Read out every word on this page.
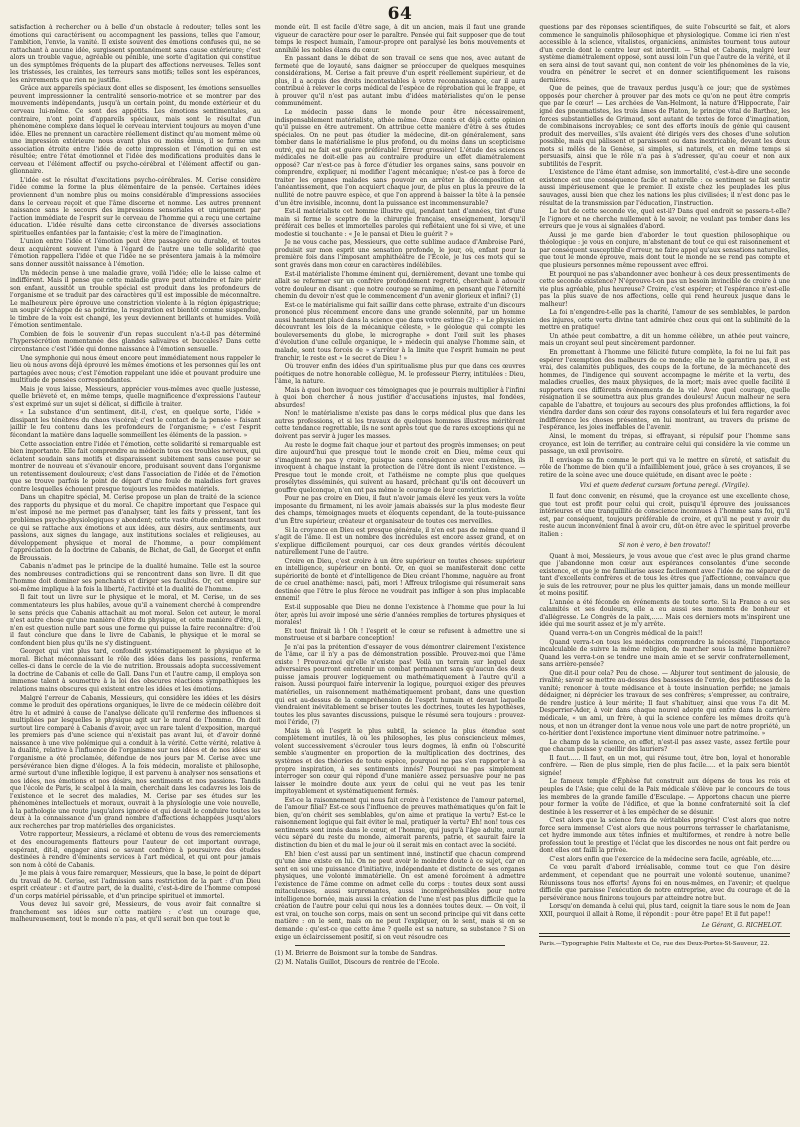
64

satisfaction à rechercher ou à belle d'un obstacle à redouter; telles sont les émotions qui caractérisent ou accompagnent les passions, telles que l'amour, l'ambition, l'envie, la vanité. Il existe souvent des émotions confuses qui, ne se rattachant à aucune idée, surgissent spontanément sans cause extérieure; c'est alors un trouble vague, agréable ou pénible, une sorte d'agitation qui constitue un des symptômes fréquents de la plupart des affections nerveuses. Telles sont les tristesses, les craintes, les terreurs sans motifs; telles sont les espérances, les enivrements que rien ne justifie.

Grâce aux appareils spéciaux dont elles se disposent, les émotions sensuelles peuvent impressionner la centralité sensorio-motrice et se montrer par des mouvements indépendants, jusqu'à un certain point, du monde extérieur et du cerveau lui-même. Ce sont des appétits. Les émotions sentimentales, au contraire, n'ont point d'appareils spéciaux, mais sont le résultat d'un phénomène complexe dans lequel le cerveau intervient toujours au moyen d'une idée. Elles ne prennent un caractère réellement distinct qu'au moment même où une impression extérieure nous avant plus ou moins émus, il se forme une association étroite entre l'idée de cette impression et l'émotion qui en est résultée; entre l'état émotionnel et l'idée des modifications produites dans le cerveau et l'élément affectif ou psycho-cérébral et l'élément affectif ou gan-glionnaire.

L'idée est le résultat d'excitations psycho-cérébrales. M. Cerise considère l'idée comme la forme la plus élémentaire de la pensée. Certaines idées proviennent d'un nombre plus ou moins considérable d'impressions associées dans le cerveau reçoit et que l'âme discerne et nomme. Les autres prennent naissance sans le secours des impressions sensoriales et uniquement par l'action immédiate de l'esprit sur le cerveau de l'homme qui a reçu une certaine éducation. L'idée résulte dans cette circonstance de diverses associations spirituelles enfantées par la fantaisie; c'est la mère de l'imagination.

L'union entre l'idée et l'émotion peut être passagère ou durable, et toutes deux acquièrent souvent l'une à l'égard de l'autre une telle solidarité que l'émotion rappellera l'idée et que l'idée ne se présentera jamais à la mémoire sans donner aussitôt naissance à l'émotion.

Un médecin pense à une maladie grave, voilà l'idée; elle le laisse calme et indifférent. Mais il pense que cette maladie grave peut atteindre et faire périr son enfant, aussitôt un trouble spécial est produit dans les profondeurs de l'organisme et se traduit par des caractères qu'il est impossible de méconnaître. Le malheureux père éprouve une constriction violente à la région épigastrique; un soupir s'échappe de sa poitrine, la respiration est bientôt comme suspendue, le timbre de la voix est changé, les yeux deviennent brillants et humides. Voilà l'émotion sentimentale.

Combien de fois le souvenir d'un repas succulent n'a-t-il pas déterminé l'hypersécrétion momentanée des glandes salivaires et buccales? Dans cette circonstance c'est l'idée qui donne naissance à l'émotion sensuelle.

Une symphonie qui nous émeut encore peut immédiatement nous rappeler le lieu où nous avons déjà éprouvé les mêmes émotions et les personnes qui les ont partagées avec nous; c'est l'émotion rappelant une idée et pouvant produire une multitude de pensées correspondantes.

Mais je vous laisse, Messieurs, apprécier vous-mêmes avec quelle justesse, quelle brièveté et, en même temps, quelle magnificence d'expressions l'auteur s'est exprimé sur un sujet si délicat, si difficile à traiter.

« La substance d'un sentiment, dit-il, c'est, en quelque sorte, l'idée » dissipant les ténèbres du chaos viscéral; c'est le contact de la pensée » faisant jaillir le feu contenu dans les profondeurs de l'organisme; » c'est l'esprit fécondant la matière dans laquelle sommeillent les éléments de la passion. »

Cette association entre l'idée et l'émotion, cette solidarité si remarquable est bien importante. Elle fait comprendre au médecin tous ces troubles nerveux, qui éclatent soudain sans motifs et disparaissent subitement sans cause pour se montrer de nouveau et s'évanouir encore, produisant souvent dans l'organisme un retentissement douloureux; c'est dans l'association de l'idée et de l'émotion que se trouve parfois le point de départ d'une foule de maladies fort graves contre lesquelles échouent presque toujours les remèdes matériels.

Dans un chapitre spécial, M. Cerise propose un plan de traité de la science des rapports du physique et du moral. Ce chapitre important que l'espace qui m'est imposé ne me permet pas d'analyser, tant les faits y pressent, tant les problèmes psycho-physiologiques y abondent; cette vaste étude embrassant tout ce qui se rattache aux émotions et aux idées, aux désirs, aux sentiments, aux passions, aux signes du langage, aux institutions sociales et religieuses, au développement physique et moral de l'homme, a pour complément l'appréciation de la doctrine de Cabanis, de Bichat, de Gall, de Georget et enfin de Broussais.

Cabanis n'admet pas le principe de la dualité humaine. Telle est la source des nombreuses contradictions qui se rencontrent dans son livre. Il dit que l'homme doit dominer ses penchants et diriger ses facultés. Or, cet empire sur soi-même implique à la fois la liberté, l'activité et la dualité de l'homme.

Il fait tout un livre sur le physique et le moral, et M. Cerise, un de ses commentateurs les plus habiles, avoue qu'il a vainement cherché à comprendre le sens précis que Cabanis attachait au mot moral. Selon cet auteur, le moral n'est autre chose qu'une manière d'être du physique, et cette manière d'être, il n'en est question nulle part sous une forme qui puisse la faire reconnaître: d'où il faut conclure que dans le livre de Cabanis, le physique et le moral se confondent bien plus qu'ils ne s'y distinguent.

Georget qui vint plus tard, confondit systématiquement le physique et le moral. Bichat méconnaissant le rôle des idées dans les passions, renferma celles-ci dans le cercle de la vie de nutrition. Broussais adopta successivement la doctrine de Cabanis et celle de Gall. Dans l'un et l'autre camp, il employa son immense talent à soumettre à la loi des obscures réactions sympathiques les relations mains obscures qui existent entre les idées et les émotions.

Malgré l'erreur de Cabanis, Messieurs, qui considère les idées et les désirs comme le produit des opérations organiques, le livre de ce médecin célèbre doit être lu et admiré à cause de l'analyse délicate qu'il renferme des influences si multipliées par lesquelles le physique agit sur le moral de l'homme. On doit surtout lire comparé à Cabanis d'avoir, avec un rare talent d'exposition, marqué les premiers pas d'une science qui n'existait pas avant lui, et d'avoir donné naissance à une vive polémique qui a conduit à la vérité. Cette vérité, relative à la dualité, relative à l'influence de l'organisme sur nos idées et de nos idées sur l'organisme a été proclamée, défendue de nos jours par M. Cerise avec une persévérance bien digne d'éloges. À la fois médecin, moraliste et philosophe, armé surtout d'une inflexible logique, il est parvenu à analyser nos sensations et nos idées, nos émotions et nos désirs, nos sentiments et nos passions. Tandis que l'école de Paris, le scalpel à la main, cherchait dans les cadavres les lois de l'existence et le secret des maladies, M. Cerise par ses études sur les phénomènes intellectuels et moraux, ouvrait à la physiologie une voie nouvelle, à la pathologie une route jusqu'alors ignorée et qui devait le conduire toutes les deux à la connaissance d'un grand nombre d'affections échappées jusqu'alors aux recherches par trop matérielles des organicistes.

Votre rapporteur, Messieurs, a réclamé et obtenu de vous des remerciements et des encouragements flatteurs pour l'auteur de cet important ouvrage, espérant, dit-il, engager ainsi ce savant confrère à poursuivre des études destinées à rendre d'éminents services à l'art médical, et qui ont pour jamais son nom à côté de Cabanis.

Je me plais à vous faire remarquer, Messieurs, que la base, le point de départ du travail de M. Cerise, est l'admission sans restriction de la part : d'un Dieu esprit créateur : et d'autre part, de la dualité, c'est-à-dire de l'homme composé d'un corps matériel périssable, et d'un principe spirituel et immortel.

Vous devez lui savoir gré, Messieurs, de vous avoir fait connaître si franchement ses idées sur cette matière : c'est un courage que, malheureusement, tout le monde n'a pas, et qu'il serait bon que tout le

monde eût. Il est facile d'être sage, à dit un ancien, mais il faut une grande vigueur de caractère pour oser le paraître. Pensée qui fait supposer que de tout temps le respect humain, l'amour-propre ont paralysé les bons mouvements et annihilé les nobles élans du cœur.

En passant dans le débat de son travail ce sens que nos, avec autant de fermeté que de loyauté, sans daigner se préoccuper de quelques mesquines considérations, M. Cerise a fait preuve d'un esprit réellement supérieur, et de plus, il a acquis des droits incontestables à votre reconnaissance, car il aura contribué à relever le corps médical de l'espèce de réprobation qui le frappe, et à prouver qu'il n'est pas autant imbu d'idées matérialistes qu'on le pense communément.

Le médecin passe dans le monde pour être nécessairement, indispensablement matérialiste, athée même. Onze cents et déjà cette opinion qu'il puisse en être autrement. On attribue cette manière d'être à ses études spéciales. On ne peut pas étudier la médecine, dit-on généralement, sans tomber dans le matérialisme le plus profond, ou du moins dans un scepticisme outré, qui ne fait est guère préférable! Erreur grossière! L'étude des sciences médicales ne doit-elle pas au contraire produire un effet diamétralement opposé? Car n'est-ce pas à force d'étudier les organes sains, sans pouvoir en comprendre, expliquer, ni modifier l'agent mécanique; n'est-ce pas à force de traiter les organes malades sans pouvoir en arrêter la décomposition et l'anéantissement, que l'on acquiert chaque jour, de plus en plus la preuve de la nullité de notre pauvre espèce, et que l'on apprend à baisser la tête à la pensée d'un être invisible, inconnu, dont la puissance est incommensurable?

Est-il matérialiste cet homme illustre qui, pendant tant d'années, tint d'une main si ferme le sceptre de la chirurgie française, enseignement, lorsqu'il préférait ces belles et immortelles paroles qui reflétaient une foi si vive, et une modestie si touchante : « Je le pansai et Dieu le guérit ? »

Je ne vous cache pas, Messieurs, que cette sublime audace d'Ambroise Paré, produisit sur mon esprit une sensation profonde, le jour, où, enfant pour la première fois dans l'imposant amphithéâtre de l'École, je lus ces mots qui se sont gravés dans mon cœur en caractères indélébiles.

Est-il matérialiste l'homme éminent qui, dernièrement, devant une tombe qui allait se refermer sur un confrère profondément regretté, cherchait à adoucir votre douleur en disant : que notre courage se ranime, en pensant que l'éternité chemin du devoir n'est que le commencement d'un avenir glorieux et infini? (1)

Est-ce le matérialisme qui fait saillir dans cette phrase, extraite d'un discours prononcé plus récemment encore dans une grande solennité, par un homme aussi hautement placé dans la science que dans votre estime (2) : « Le physicien découvrant les lois de la mécanique céleste, » le géologue qui compte les bouleversements du globe, le micrographe » dont l'œil suit les phases d'évolution d'une cellule organique, le » médecin qui analyse l'homme sain, et malade, sont tous forcés de » s'arrêter à la limite que l'esprit humain ne peut franchir, le reste est » le secret de Dieu ! »

Où trouver enfin des idées d'un spiritualisme plus pur que dans ces œuvres poétiques de notre honorable collègue, M. le professeur Pierry, intitulées : Dieu, l'âme, la nature.

Mais à quoi bon invoquer ces témoignages que je pourrais multiplier à l'infini à quoi bon chercher à nous justifier d'accusations injustes, mal fondées, absurdes!

Non! le matérialisme n'existe pas dans le corps médical plus que dans les autres professions, et si les travaux de quelques hommes illustres méritèrent cette tendance regrettable, ils ne sont après tout que de rares exceptions qui ne doivent pas servir à juger les masses.

Au reste le dogme fait chaque jour et partout des progrès immenses; on peut dire aujourd'hui que presque tout le monde croit en Dieu, même ceux qui s'imaginent ne pas y croire, puisque sans conséquence avec eux-mêmes, ils invoquent à chaque instant la protection de l'être dont ils nient l'existence. — Presque tout le monde croit, et l'athéisme ne compte plus que quelques prosélytes disséminés, qui suivent au hasard, prêchant qu'ils ont découvert un gouffre quelconque, n'en ont pas même le courage de leur conviction.

Pour ne pas croire en Dieu, il faut n'avoir jamais élevé les yeux vers la voûte imposante du firmament, ni les avoir jamais abaissés sur la plus modeste fleur des champs, témoignages muets et éloquents cependant, de la toute-puissance d'un Être supérieur, créateur et organisateur de toutes ces merveilles.

Si la croyance en Dieu est presque générale, il n'en est pas de même quand il s'agit de l'âme. Il est un nombre des incrédules est encore assez grand, et on s'explique difficilement pourquoi, car ces deux grandes vérités découlent naturellement l'une de l'autre.

Croire en Dieu, c'est croire à un être supérieur en toutes choses: supérieur en intelligence, supérieur en bonté. Or, en quoi se manifesterait donc cette supériorité de bonté et d'intelligence de Dieu créant l'homme, naguère au front de ce cruel anathème: nasci, pati, mori ! Affreux trilogisme qui résumerait sans destinée que l'être le plus féroce ne voudrait pas infliger à son plus implacable ennemi!

Est-il supposable que Dieu ne donne l'existence à l'homme que pour la lui ôter, après lui avoir imposé une série d'années remplies de tortures physiques et morales!

Et tout finirait là ! Oh ! l'esprit et le cœur se refusent à admettre une si monstrueuse et si barbare conception!

Je n'ai pas la prétention d'essayer de vous démontrer clairement l'existence de l'âme, car il n'y a pas de démonstration possible. Prouvez-moi que l'âme existe ! Prouvez-moi qu'elle n'existe pas! Voilà un terrain sur lequel deux adversaires pourront entretenir un combat permanent sans qu'aucun des deux puisse jamais prouver logiquement ou mathématiquement à l'autre qu'il a raison. Aussi pourquoi faire intervenir la logique, pourquoi exiger des preuves matérielles, un raisonnement mathématiquement probant, dans une question qui est au-dessus de la compréhension de l'esprit humain et devant laquelle viendraient inévitablement se briser toutes les doctrines, toutes les hypothèses, toutes les plus savantes discussions, puisque le résumé sera toujours : prouvez-moi l'éride, (?)

Mais là où l'esprit le plus subtil, la science la plus étendue sont complètement inutiles, là où les philosophes, les plus consciencieux mêmes, volent successivement s'écrouler tous leurs dogmes, là enfin où l'obscurité semble s'augmenter en proportion de la multiplication des doctrines, des systèmes et des théories de toute espèce, pourquoi ne pas s'en rapporter à sa propre inspiration, à ses sentiments innés? Pourquoi ne pas simplement interroger son cœur qui répond d'une manière assez persuasive pour ne pas laisser le moindre doute aux yeux de celui qui ne veut pas les tenir impitoyablement et systématiquement fermés.

Est-ce la raisonnement qui nous fait croire à l'existence de l'amour paternel, de l'amour filial? Est-ce sous l'influence de preuves mathématiques qu'on fait le bien, qu'on chérit ses semblables, qu'on aime et pratique la vertu? Est-ce le raisonnement logique qui fait éviter le mal, pratiquer la vertu? Eh! non! tous ces sentiments sont innés dans le cœur, et l'homme, qui jusqu'à l'âge adulte, aurait vécu séparé du reste du monde, aimerait parents, patrie, et saurait faire la distinction du bien et du mal le jour où il serait mis en contact avec la société.

Eh! bien c'est aussi par un sentiment inné, instinctif que chacun comprend qu'une âme existe en lui. On ne peut avoir le moindre doute à ce sujet, car on sent en soi une puissance d'initiative, indépendante et distincte de ses organes physiques, une volonté immatérielle. On est amené forcément à admettre l'existence de l'âme comme on admet celle du corps : toutes deux sont aussi mitaculeuses, aussi surprenantes, aussi incompréhensibles pour notre intelligence bornée, mais aussi la création de l'une n'est pas plus difficile que la création de l'autre pour celui qui nous les a données toutes deux. — On voit, il est vrai, on touche son corps, mais on sent un second principe qui vit dans cette matière : on le sent, mais on ne peut l'expliquer, on le sent, mais si on se demande : qu'est-ce que cette âme ? quelle est sa nature, sa substance ? Si on exige un éclaircissement positif, si on veut résoudre ces

(1) M. Brierre de Boismont sur la tombe de Sandras.

(2) M. Natalis Guillot, Discours de rentrée de l'Ecole.

questions par des réponses scientifiques, de suite l'obscurité se fait, et alors commence le sanguinolis philosophique et physiologique. Comme ici rien n'est accessible à la science, vitalistes, organiciens, animistes tournent tous autour d'un cercle dont le centre leur est interdit. — Sthal et Cabanis, malgré leur système diamétralement opposé, sont aussi loin l'un que l'autre de la vérité, et il en sera ainsi de tout savant qui, non content de voir les phénomènes de la vie, voudra en pénétrer le secret et en donner scientifiquement les raisons dernières.

Que de peines, que de travaux perdus jusqu'à ce jour; que de systèmes opposés pour chercher à prouver par des mots ce qu'on ne peut être compris que par le cœur! — Les archées de Van-Helmont, la nature d'Hippocrate, l'air igné des pneumatistes, les trois âmes de Platon, le principe vital de Barthez, les forces substantielles de Grimaud, sont autant de textes de force d'imagination, de combinaisons incroyables; ce sont des efforts inouïs de génie qui causent produit des merveilles, s'ils avaient été dirigés vers des choses d'une solution possible, mais qui pâlissent et paraissent ou dans inextricable, devant les deux mots si mêlés de la Genèse, si simples, si naturels, et en même temps si persuasifs, ainsi que le rôle n'a pas à s'adresser, qu'au coeur et non aux subtilités de l'esprit.

L'existence de l'âme étant admise, son immortalité, c'est-à-dire une seconde existence est une conséquence facile et naturelle : ce sentiment se fait sentir aussi impérieusement que le premier. Il existe chez les peuplades les plus sauvages, aussi bien que chez les nations les plus civilisées; il n'est donc pas le résultat de la transmission par l'éducation, l'instruction.

Le but de cette seconde vie, quel est-il? Dans quel endroit se passera-t-elle? Je l'ignore et ne cherche nullement à le savoir, ne voulant pas tomber dans les erreurs que je vous ai signalées d'abord.

Aussi je me garde bien d'aborder le tout question philosophique ou théologique : je vous en conjure, m'abstenant de tout ce qui est raisonnement et par conséquent susceptible d'erreur, ne faire appel qu'aux sensations naturelles, que tout le monde éprouve, mais dont tout le monde ne se rend pas compte et que plusieurs personnes même repoussent avec effroi.

Et pourquoi ne pas s'abandonner avec bonheur à ces deux pressentiments de cette seconde existence? N'éprouve-t-on pas un besoin invincible de croire à une vie plus agréable, plus heureuse? Croire, c'est espérer; et l'espérance n'est-elle pas la plus suave de nos affections, celle qui rend heureux jusque dans le malheur!

La foi n'engendre-t-elle pas la charité, l'amour de ses semblables, le pardon des injures, cette vertu divine tant admirée chez ceux qui ont la sublimité de la mettre en pratique!

Un athée peut combattre, a dit un homme célèbre, un athée peut vaincre, mais un croyant seul peut sincèrement pardonner.

En promettant à l'homme une félicité future complète, la foi ne lui fait pas espérer l'exemption des malheurs de ce monde; elle ne le garantira pas, il est vrai, des calamités publiques, des coups de la fortune, de la méchanceté des hommes, de l'indigence qui souvent accompagne le mérite et la vertu, des maladies cruelles, des maux physiques, de la mort; mais avec quelle facilité il supportera ces différents événements de la vie! Avec quel courage, quelle résignation il se soumettra aux plus grandes douleurs! Aucun malheur ne sera capable de l'abattre, et toujours au secours des plus profondes afflictions, la foi viendra darder dans son cœur des rayons consolateurs et lui fera regarder avec indifférence les choses présentes, en lui montrant, au travers du prisme de l'espérance, les joies ineffables de l'avenir.

Ainsi, le moment du trépas, si effrayant, si répulsif pour l'homme sans croyance, est loin de terrifier, au contraire celui qui considère la vie comme un passage, un exil provisoire.

Il envisage sa fin comme le port qui va le mettre en sûreté, et satisfait du rôle de l'homme de bien qu'il a infailliblement joué, grâce à ses croyances, il se retire de la scène avec une douce quiétude, en disant avec le poète :

Vixi et quem dederat cursum fortuna peregi. (Virgile).

Il faut donc convenir, en résumé, que la croyance est une excellente chose, que tout est profit pour celui qui croit, puisqu'il éprouve des jouissances intérieures et une tranquillité de conscience inconnues à l'homme sans foi, qu'il est, par conséquent, toujours préférable de croire, et qu'il ne peut y avoir du reste aucun inconvénient final à avoir cru, dût-on être avec le spirituel proverbe italien :

Si non è vero, è ben trovato!!

Quant à moi, Messieurs, je vous avoue que c'est avec le plus grand charme que j'abandonne mon cœur aux espérances consolantes d'une seconde existence, et que je me familiarise assez facilement avec l'idée de me séparer de tant d'excellents confrères et de tous les êtres que j'affectionne, convaincu que je suis de les retrouver, pour ne plus les quitter jamais, dans un monde meilleur et moins positif.

L'année a été féconde en événements de toute sorte. Si la France a eu ses calamités et ses douleurs, elle a eu aussi ses moments de bonheur et d'allégresse. Le Congrès de la paix,...... Mais ces derniers mots m'inspirent une idée qui me sourit assez et je m'y arrête.

Quand verra-t-on un Congrès médical de la paix!!

Quand verra-t-on tous les médecins comprendre la nécessité, l'importance incalculable de suivre la même religion, de marcher sous la même bannière? Quand les verra-t-on se tendre une main amie et se servir confraternellement, sans arrière-pensée?

Que dit-il pour cela? Peu de chose. — Abjurer tout sentiment de jalousie, de rivalité; savoir se mettre au-dessus des bassesses de l'envie, des petitesses de la vanité; renoncer à toute médisance et à toute insinuation perfide; ne jamais dédaigner, ni déprécier les travaux de ses confrères; s'empresser, au contraire, de rendre justice à leur mérite; Il faut s'habituer, ainsi que vous l'a dit M. Desperrier-Ader, à voir dans chaque nouvel adepte qui entre dans la carrière médicale, « un ami, un frère, à qui la science confère les mêmes droits qu'à nous, et non un étranger dont la venue nous vole une part de notre propriété, un co-héritier dont l'existence importune vient diminuer notre patrimoine. »

Le champ de la science, en effet, n'est-il pas assez vaste, assez fertile pour que chacun puisse y cueillir des lauriers?

Il faut...... Il faut, en un mot, qui résume tout, être bon, loyal et honorable confrère. — Rien de plus simple, rien de plus facile..... et la paix sera bientôt signée!

Le fameux temple d'Éphèse fut construit aux dépens de tous les rois et peuples de l'Asie; que celui de la Paix médicale s'élève par le concours de tous les membres de la grande famille d'Esculape. — Apportons chacun une pierre pour former la voûte de l'édifice, et que la bonne confraternité soit la clef destinée à les resserrer et à les empêcher de se désunir.

C'est alors que la science fera de véritables progrès! C'est alors que notre force sera immense! C'est alors que nous pourrons terrasser le charlatanisme, cet hydre immonde aux têtes infinies et multiformes, et rendre à notre belle profession tout le prestige et l'éclat que les discordes ne nous ont fait perdre ou dont elles ont failli la privée.

C'est alors enfin que l'exercice de la médecine sera facile, agréable, etc.....

Ce vœu paraît d'abord irréalisable, comme tout ce que l'on désire ardemment, et cependant que ne pourrait une volonté soutenue, unanime? Réunissons tous nos efforts! Ayons foi en nous-mêmes, en l'avenir; et quelque difficile que paraisse l'exécution de notre entreprise, avec du courage et de la persévérance nous finirons toujours par atteindre notre but.

Lorsqu'on demanda à celui qui, plus tard, ceignit la tiare sous le nom de Jean XXII, pourquoi il allait à Rome, il répondit : pour être pape! Et il fut pape!!

Le Gérant, G. RICHELOT.
Paris.—Typographie Felix Malteste et Ce, rue des Deux-Portes-St-Sauveur, 22.
